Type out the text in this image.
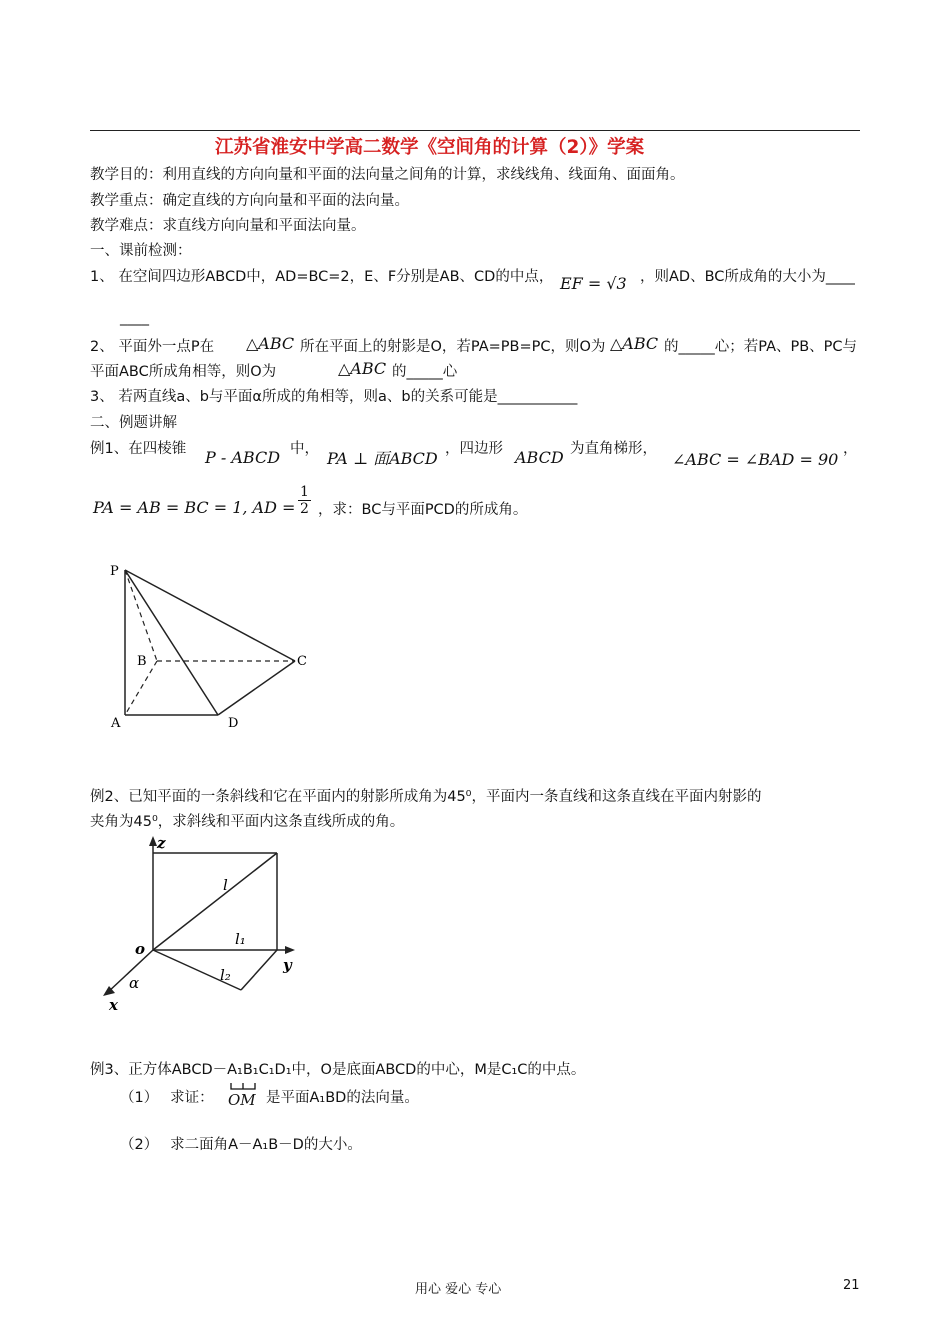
江苏省淮安中学高二数学《空间角的计算（2）》学案
教学目的：利用直线的方向向量和平面的法向量之间角的计算，求线线角、线面角、面面角。
教学重点：确定直线的方向向量和平面的法向量。
教学难点：求直线方向向量和平面法向量。
一、课前检测：
1、 在空间四边形ABCD中，AD=BC=2，E、F分别是AB、CD的中点， EF = √3 ，则AD、BC所成角的大小为____
____
2、 平面外一点P在 △ABC 所在平面上的射影是O，若PA=PB=PC，则O为 △ABC 的_____心；若PA、PB、PC与
平面ABC所成角相等，则O为	△ABC 的_____心
3、 若两直线a、b与平面α所成的角相等，则a、b的关系可能是___________
二、例题讲解
例1、在四棱锥 P - ABCD 中， PA ⊥ 面ABCD ，四边形 ABCD 为直角梯形，
∠ABC = ∠BAD = 90
，
PA = AB = BC = 1, AD = $\frac{1}{2}$ ，求：BC与平面PCD的所成角。
P
B	C
A	D
例2、已知平面的一条斜线和它在平面内的射影所成角为45⁰，平面内一条直线和这条直线在平面内射影的
夹角为45⁰，求斜线和平面内这条直线所成的角。
z
o
y
x
l
l₁
l₂
α
例3、正方体ABCD－A₁B₁C₁D₁中，O是底面ABCD的中心，M是C₁C的中点。
（1）　 求证： OM 是平面A₁BD的法向量。
（2）　 求二面角A－A₁B－D的大小。
用心 爱心 专心	21
